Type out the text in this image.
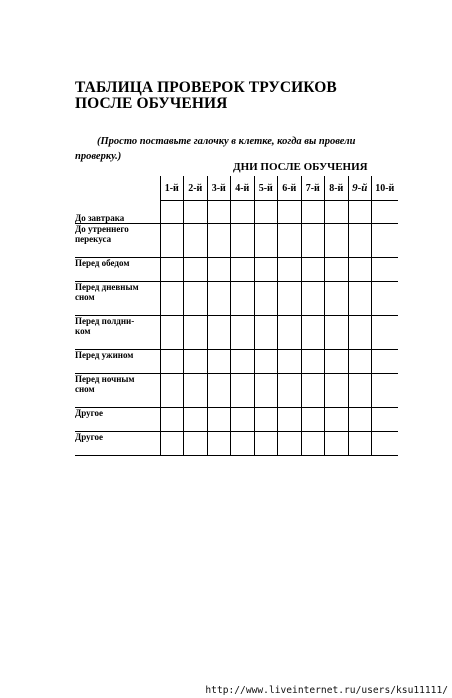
ТАБЛИЦА ПРОВЕРОК ТРУСИКОВ
ПОСЛЕ ОБУЧЕНИЯ
(Просто поставьте галочку в клетке, когда вы провели проверку.)
ДНИ ПОСЛЕ ОБУЧЕНИЯ
	1-й	2-й	3-й	4-й	5-й	6-й	7-й	8-й	9-й	10-й

До завтрака										

До утреннего
перекуса										

Перед обедом										

Перед дневным
сном										

Перед полдни-
ком										

Перед ужином										

Перед ночным
сном										

Другое										

Другое										

http://www.liveinternet.ru/users/ksu11111/
